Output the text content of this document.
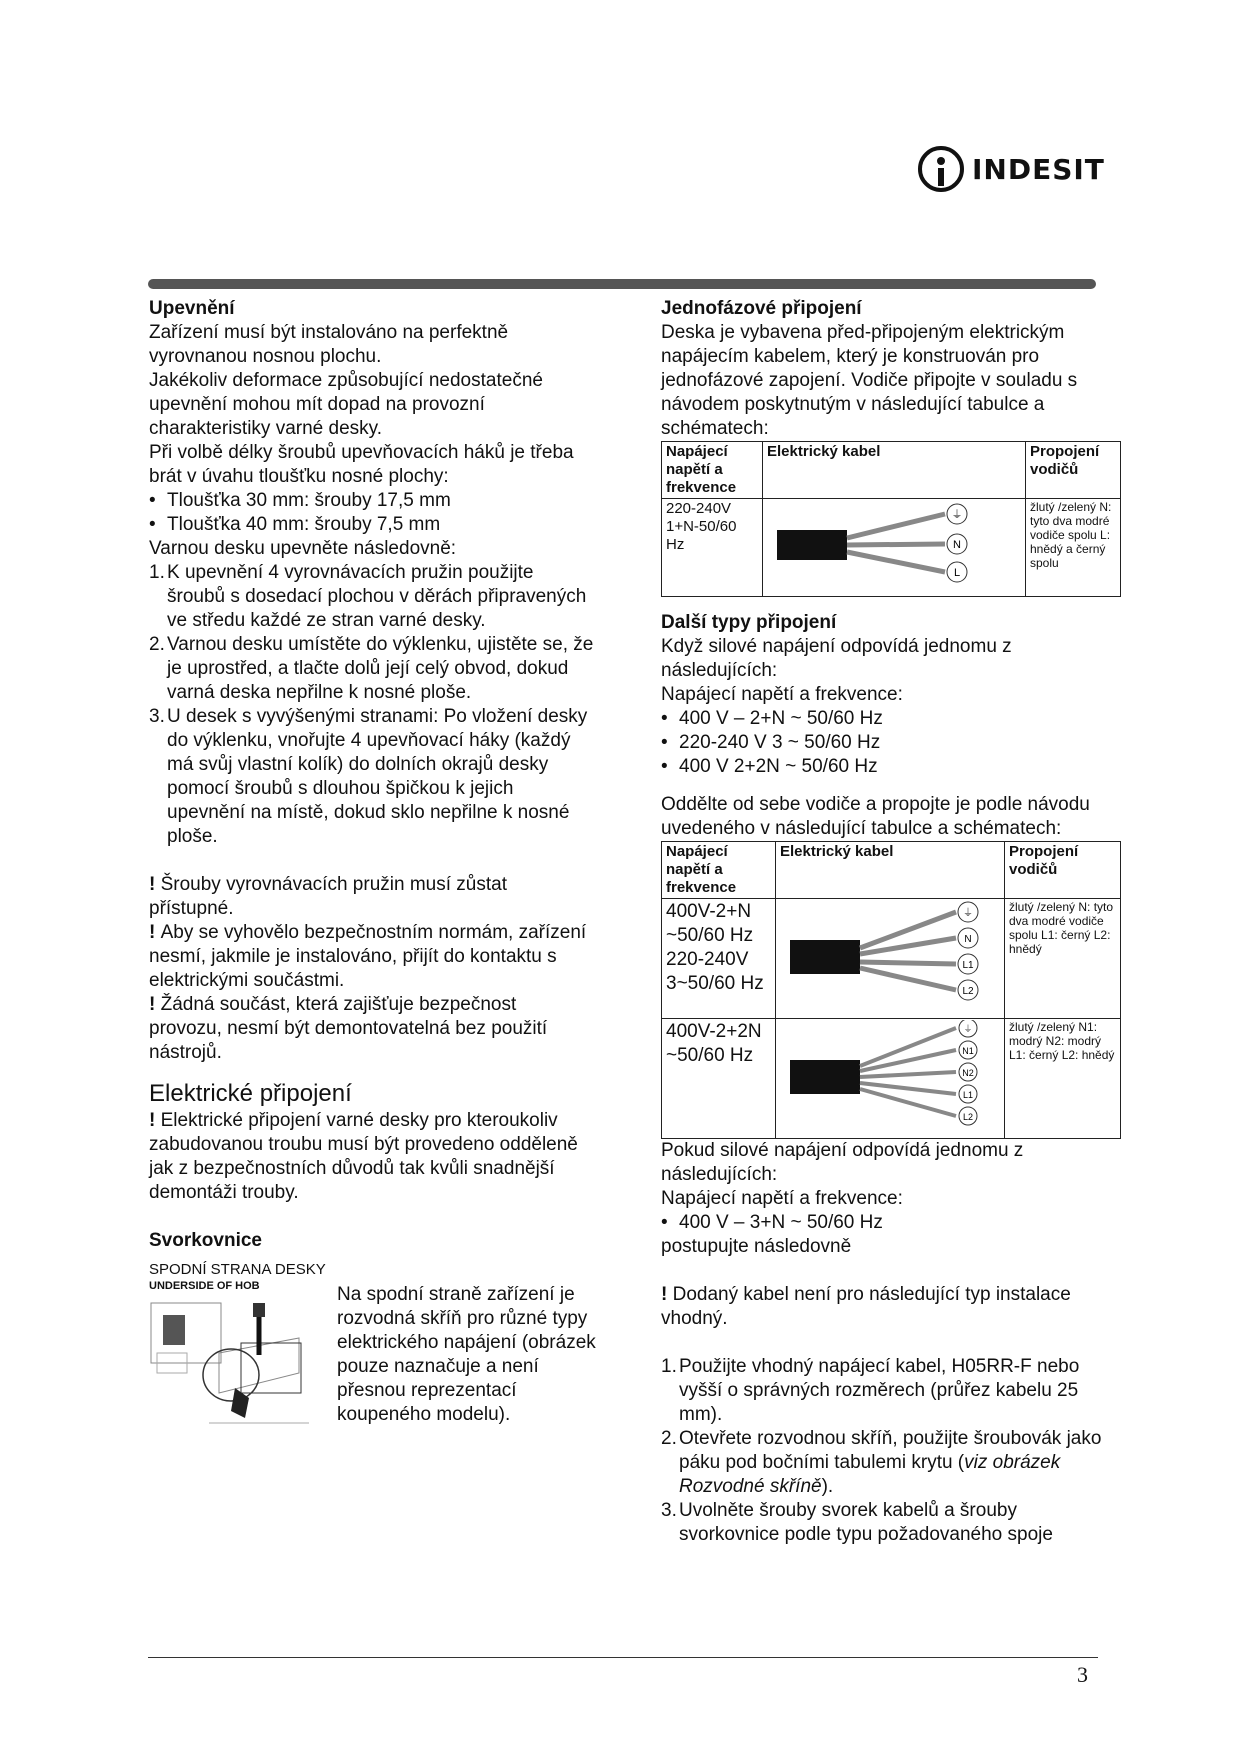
INDESIT

Upevnění

Zařízení musí být instalováno na perfektně vyrovnanou nosnou plochu.

Jakékoliv deformace způsobující nedostatečné upevnění mohou mít dopad na provozní charakteristiky varné desky.

Při volbě délky šroubů upevňovacích háků je třeba brát v úvahu tloušťku nosné plochy:

• Tloušťka 30 mm: šrouby 17,5 mm
• Tloušťka 40 mm: šrouby 7,5 mm

Varnou desku upevněte následovně:

1. K upevnění 4 vyrovnávacích pružin použijte šroubů s dosedací plochou v děrách připravených ve středu každé ze stran varné desky.
2. Varnou desku umístěte do výklenku, ujistěte se, že je uprostřed, a tlačte dolů její celý obvod, dokud varná deska nepřilne k nosné ploše.
3. U desek s vyvýšenými stranami: Po vložení desky do výklenku, vnořujte 4 upevňovací háky (každý má svůj vlastní kolík) do dolních okrajů desky pomocí šroubů s dlouhou špičkou k jejich upevnění na místě, dokud sklo nepřilne k nosné ploše.

! Šrouby vyrovnávacích pružin musí zůstat přístupné.

! Aby se vyhovělo bezpečnostním normám, zařízení nesmí, jakmile je instalováno, přijít do kontaktu s elektrickými součástmi.

! Žádná součást, která zajišťuje bezpečnost provozu, nesmí být demontovatelná bez použití nástrojů.

Elektrické připojení

! Elektrické připojení varné desky pro kteroukoliv zabudovanou troubu musí být provedeno odděleně jak z bezpečnostních důvodů tak kvůli snadnější demontáži trouby.

Svorkovnice

SPODNÍ STRANA DESKY
UNDERSIDE OF HOB	Na spodní straně zařízení je rozvodná skříň pro různé typy elektrického napájení (obrázek pouze naznačuje a není přesnou reprezentací koupeného modelu).

Jednofázové připojení

Deska je vybavena před-připojeným elektrickým napájecím kabelem, který je konstruován pro jednofázové zapojení. Vodiče připojte v souladu s návodem poskytnutým v následující tabulce a schématech:

Napájecí napětí a frekvence	Elektrický kabel	Propojení vodičů
220-240V 1+N-50/60 Hz	⏚
N
L	žlutý /zelený N: tyto dva modré vodiče spolu L: hnědý a černý spolu

Další typy připojení

Když silové napájení odpovídá jednomu z následujících:

Napájecí napětí a frekvence:

• 400 V – 2+N ~ 50/60 Hz
• 220-240 V 3 ~ 50/60 Hz
• 400 V 2+2N ~ 50/60 Hz

Oddělte od sebe vodiče a propojte je podle návodu uvedeného v následující tabulce a schématech:

Napájecí napětí a frekvence	Elektrický kabel	Propojení vodičů
400V-2+N ~50/60 Hz 220-240V 3~50/60 Hz	⏚
N
L1
L2	žlutý /zelený N: tyto dva modré vodiče spolu L1: černý L2: hnědý
400V-2+2N ~50/60 Hz	⏚
N1
N2
L1
L2	žlutý /zelený N1: modrý N2: modrý L1: černý L2: hnědý

Pokud silové napájení odpovídá jednomu z následujících:

Napájecí napětí a frekvence:

• 400 V – 3+N ~ 50/60 Hz

postupujte následovně

! Dodaný kabel není pro následující typ instalace vhodný.

1. Použijte vhodný napájecí kabel, H05RR-F nebo vyšší o správných rozměrech (průřez kabelu 25 mm).
2. Otevřete rozvodnou skříň, použijte šroubovák jako páku pod bočními tabulemi krytu (viz obrázek Rozvodné skříně).
3. Uvolněte šrouby svorek kabelů a šrouby svorkovnice podle typu požadovaného spoje
3
